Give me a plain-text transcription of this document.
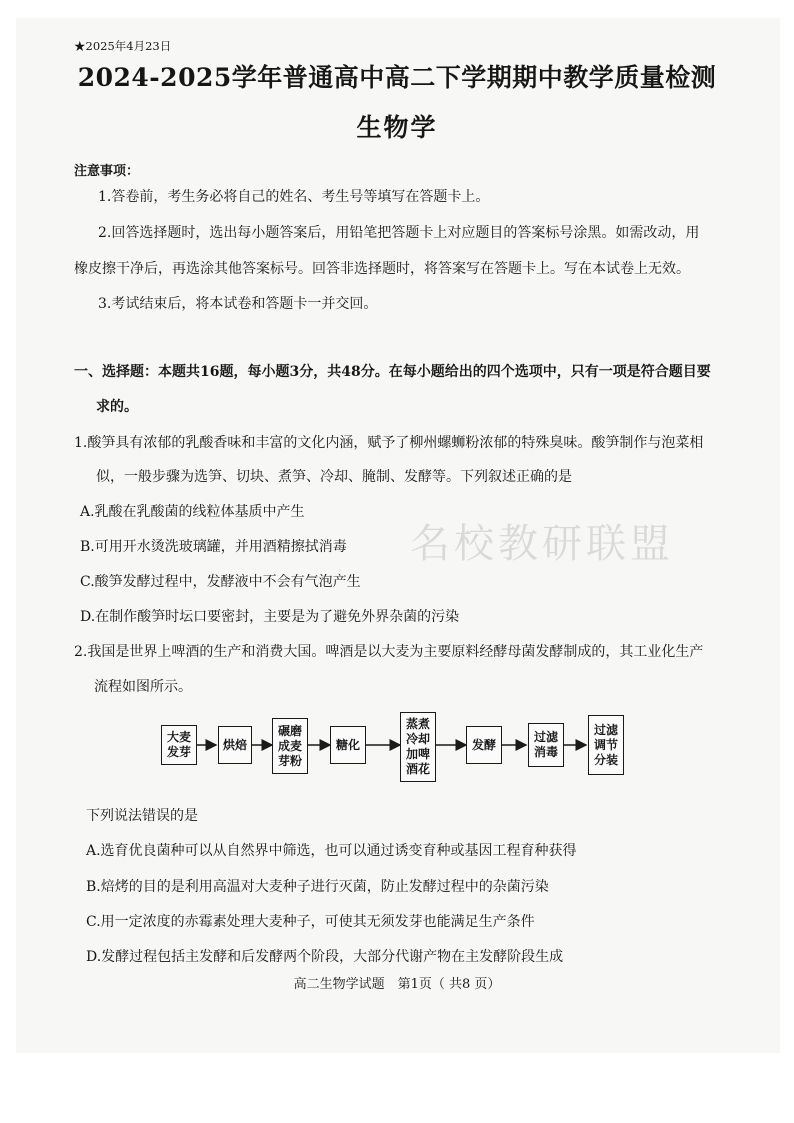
★2025年4月23日
2024-2025学年普通高中高二下学期期中教学质量检测
生物学
注意事项：
1.答卷前，考生务必将自己的姓名、考生号等填写在答题卡上。
2.回答选择题时，选出每小题答案后，用铅笔把答题卡上对应题目的答案标号涂黑。如需改动，用
橡皮擦干净后，再选涂其他答案标号。回答非选择题时，将答案写在答题卡上。写在本试卷上无效。
3.考试结束后，将本试卷和答题卡一并交回。
一、选择题：本题共16题，每小题3分，共48分。在每小题给出的四个选项中，只有一项是符合题目要
求的。
名校教研联盟
1.酸笋具有浓郁的乳酸香味和丰富的文化内涵，赋予了柳州螺蛳粉浓郁的特殊臭味。酸笋制作与泡菜相
似，一般步骤为选笋、切块、煮笋、冷却、腌制、发酵等。下列叙述正确的是
A.乳酸在乳酸菌的线粒体基质中产生
B.可用开水烫洗玻璃罐，并用酒精擦拭消毒
C.酸笋发酵过程中，发酵液中不会有气泡产生
D.在制作酸笋时坛口要密封，主要是为了避免外界杂菌的污染
2.我国是世界上啤酒的生产和消费大国。啤酒是以大麦为主要原料经酵母菌发酵制成的，其工业化生产
流程如图所示。
大麦发芽
烘焙
碾磨成麦芽粉
糖化
蒸煮冷却加啤酒花
发酵
过滤消毒
过滤调节分装
下列说法错误的是
A.选育优良菌种可以从自然界中筛选，也可以通过诱变育种或基因工程育种获得
B.焙烤的目的是利用高温对大麦种子进行灭菌，防止发酵过程中的杂菌污染
C.用一定浓度的赤霉素处理大麦种子，可使其无须发芽也能满足生产条件
D.发酵过程包括主发酵和后发酵两个阶段，大部分代谢产物在主发酵阶段生成
高二生物学试题　第1页（ 共8 页）
